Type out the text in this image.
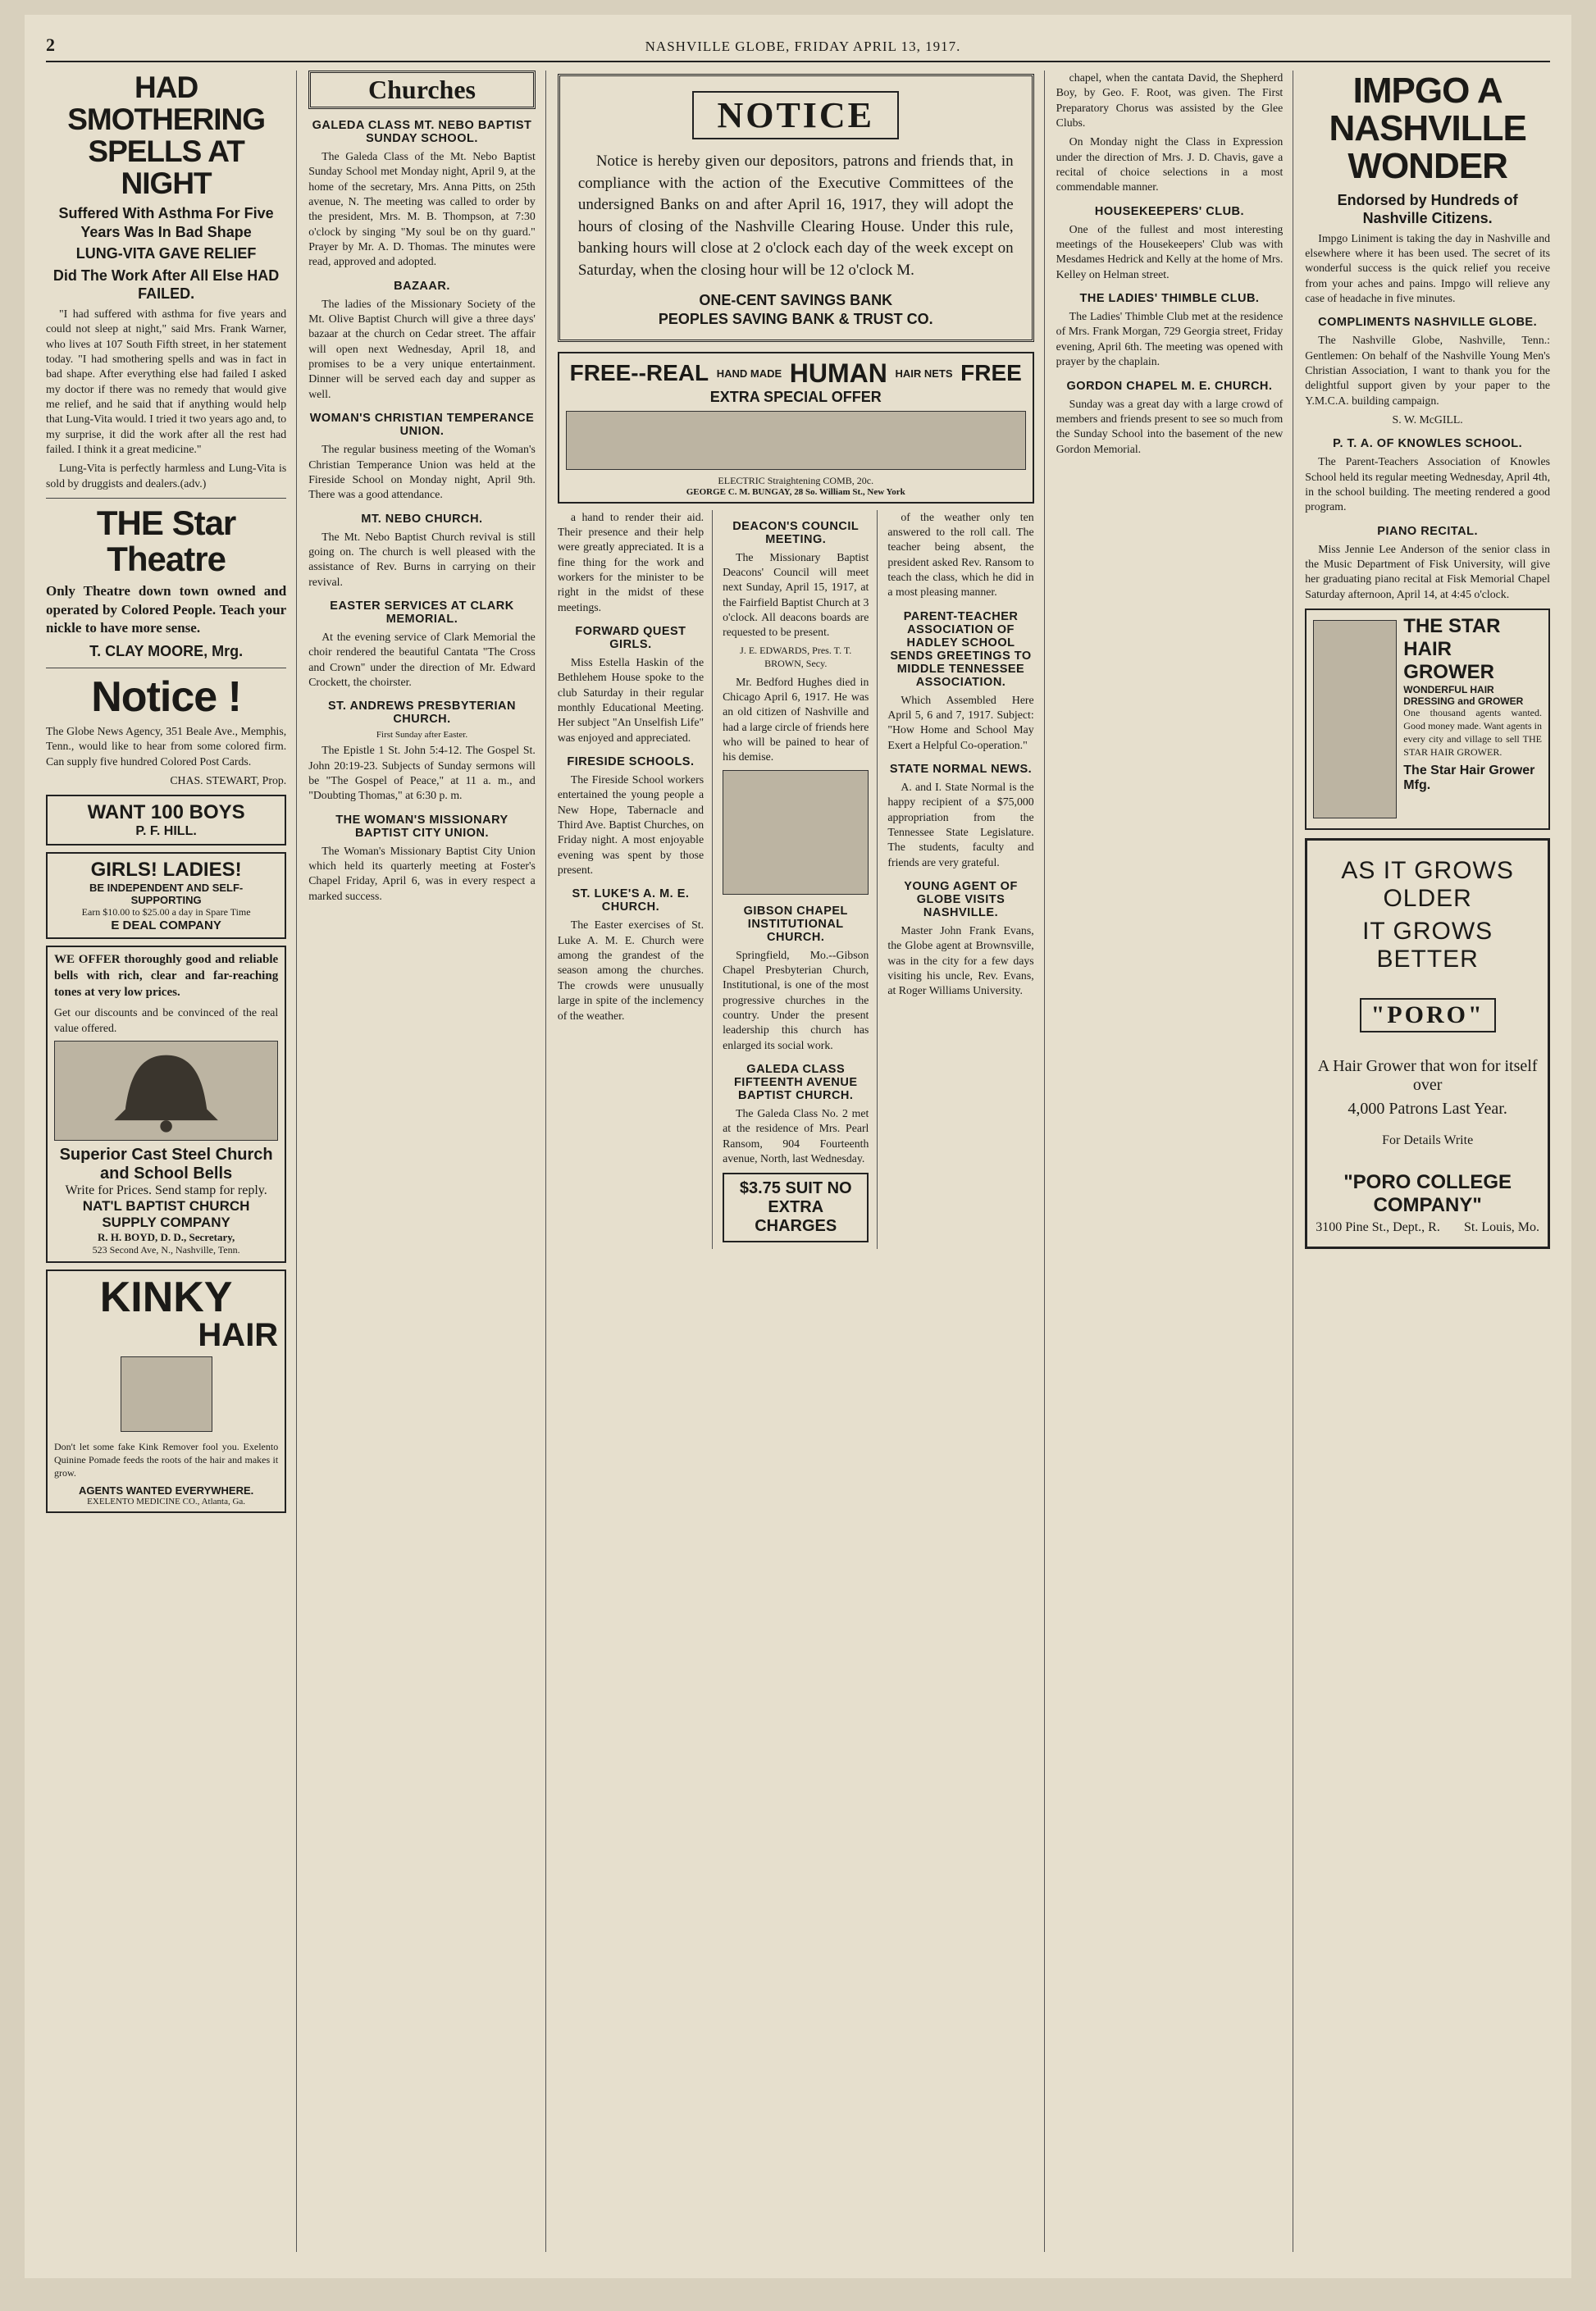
2	NASHVILLE GLOBE, FRIDAY APRIL 13, 1917.
HAD SMOTHERING SPELLS AT NIGHT
Suffered With Asthma For Five Years Was In Bad Shape
LUNG-VITA GAVE RELIEF
Did The Work After All Else HAD FAILED.

"I had suffered with asthma for five years and could not sleep at night," said Mrs. Frank Warner, who lives at 107 South Fifth street, in her statement today. "I had smothering spells and was in fact in bad shape. After everything else had failed I asked my doctor if there was no remedy that would give me relief, and he said that if anything would help that Lung-Vita would. I tried it two years ago and, to my surprise, it did the work after all the rest had failed. I think it a great medicine."

Lung-Vita is perfectly harmless and Lung-Vita is sold by druggists and dealers.(adv.)

THE Star Theatre

Only Theatre down town owned and operated by Colored People. Teach your nickle to have more sense.

T. CLAY MOORE, Mrg.
Notice !

The Globe News Agency, 351 Beale Ave., Memphis, Tenn., would like to hear from some colored firm. Can supply five hundred Colored Post Cards.

CHAS. STEWART, Prop.

WANT 100 BOYS
P. F. HILL.
GIRLS! LADIES!
BE INDEPENDENT AND SELF-SUPPORTING
Earn $10.00 to $25.00 a day in Spare Time
E DEAL COMPANY

WE OFFER thoroughly good and reliable bells with rich, clear and far-reaching tones at very low prices.

Get our discounts and be convinced of the real value offered.

Superior Cast Steel Church and School Bells
Write for Prices. Send stamp for reply.
NAT'L BAPTIST CHURCH SUPPLY COMPANY
R. H. BOYD, D. D., Secretary,
523 Second Ave, N., Nashville, Tenn.
KINKY
HAIR

Don't let some fake Kink Remover fool you. Exelento Quinine Pomade feeds the roots of the hair and makes it grow.

AGENTS WANTED EVERYWHERE.
EXELENTO MEDICINE CO., Atlanta, Ga.
Churches
GALEDA CLASS MT. NEBO BAPTIST SUNDAY SCHOOL.

The Galeda Class of the Mt. Nebo Baptist Sunday School met Monday night, April 9, at the home of the secretary, Mrs. Anna Pitts, on 25th avenue, N. The meeting was called to order by the president, Mrs. M. B. Thompson, at 7:30 o'clock by singing "My soul be on thy guard." Prayer by Mr. A. D. Thomas. The minutes were read, approved and adopted.

BAZAAR.

The ladies of the Missionary Society of the Mt. Olive Baptist Church will give a three days' bazaar at the church on Cedar street. The affair will open next Wednesday, April 18, and promises to be a very unique entertainment. Dinner will be served each day and supper as well.

WOMAN'S CHRISTIAN TEMPERANCE UNION.

The regular business meeting of the Woman's Christian Temperance Union was held at the Fireside School on Monday night, April 9th. There was a good attendance.

MT. NEBO CHURCH.

The Mt. Nebo Baptist Church revival is still going on. The church is well pleased with the assistance of Rev. Burns in carrying on their revival.

EASTER SERVICES AT CLARK MEMORIAL.

At the evening service of Clark Memorial the choir rendered the beautiful Cantata "The Cross and Crown" under the direction of Mr. Edward Crockett, the choirster.

ST. ANDREWS PRESBYTERIAN CHURCH.
First Sunday after Easter.

The Epistle 1 St. John 5:4-12. The Gospel St. John 20:19-23. Subjects of Sunday sermons will be "The Gospel of Peace," at 11 a. m., and "Doubting Thomas," at 6:30 p. m.

THE WOMAN'S MISSIONARY BAPTIST CITY UNION.

The Woman's Missionary Baptist City Union which held its quarterly meeting at Foster's Chapel Friday, April 6, was in every respect a marked success.

NOTICE

Notice is hereby given our depositors, patrons and friends that, in compliance with the action of the Executive Committees of the undersigned Banks on and after April 16, 1917, they will adopt the hours of closing of the Nashville Clearing House. Under this rule, banking hours will close at 2 o'clock each day of the week except on Saturday, when the closing hour will be 12 o'clock M.

ONE-CENT SAVINGS BANK
PEOPLES SAVING BANK & TRUST CO.
FREE--REAL HAND MADE HUMAN HAIR NETS FREE
EXTRA SPECIAL OFFER
ELECTRIC Straightening COMB, 20c.
GEORGE C. M. BUNGAY, 28 So. William St., New York

a hand to render their aid. Their presence and their help were greatly appreciated. It is a fine thing for the work and workers for the minister to be right in the midst of these meetings.

FORWARD QUEST GIRLS.

Miss Estella Haskin of the Bethlehem House spoke to the club Saturday in their regular monthly Educational Meeting. Her subject "An Unselfish Life" was enjoyed and appreciated.

FIRESIDE SCHOOLS.

The Fireside School workers entertained the young people a New Hope, Tabernacle and Third Ave. Baptist Churches, on Friday night. A most enjoyable evening was spent by those present.

ST. LUKE'S A. M. E. CHURCH.

The Easter exercises of St. Luke A. M. E. Church were among the grandest of the season among the churches. The crowds were unusually large in spite of the inclemency of the weather.

DEACON'S COUNCIL MEETING.

The Missionary Baptist Deacons' Council will meet next Sunday, April 15, 1917, at the Fairfield Baptist Church at 3 o'clock. All deacons boards are requested to be present.

J. E. EDWARDS, Pres. T. T. BROWN, Secy.

Mr. Bedford Hughes died in Chicago April 6, 1917. He was an old citizen of Nashville and had a large circle of friends here who will be pained to hear of his demise.

GIBSON CHAPEL INSTITUTIONAL CHURCH.

Springfield, Mo.--Gibson Chapel Presbyterian Church, Institutional, is one of the most progressive churches in the country. Under the present leadership this church has enlarged its social work.

GALEDA CLASS FIFTEENTH AVENUE BAPTIST CHURCH.

The Galeda Class No. 2 met at the residence of Mrs. Pearl Ransom, 904 Fourteenth avenue, North, last Wednesday.

$3.75 SUIT NO EXTRA CHARGES

of the weather only ten answered to the roll call. The teacher being absent, the president asked Rev. Ransom to teach the class, which he did in a most pleasing manner.

PARENT-TEACHER ASSOCIATION OF HADLEY SCHOOL SENDS GREETINGS TO MIDDLE TENNESSEE ASSOCIATION.

Which Assembled Here April 5, 6 and 7, 1917. Subject: "How Home and School May Exert a Helpful Co-operation."

STATE NORMAL NEWS.

A. and I. State Normal is the happy recipient of a $75,000 appropriation from the Tennessee State Legislature. The students, faculty and friends are very grateful.

YOUNG AGENT OF GLOBE VISITS NASHVILLE.

Master John Frank Evans, the Globe agent at Brownsville, was in the city for a few days visiting his uncle, Rev. Evans, at Roger Williams University.

chapel, when the cantata David, the Shepherd Boy, by Geo. F. Root, was given. The First Preparatory Chorus was assisted by the Glee Clubs.

On Monday night the Class in Expression under the direction of Mrs. J. D. Chavis, gave a recital of choice selections in a most commendable manner.

HOUSEKEEPERS' CLUB.

One of the fullest and most interesting meetings of the Housekeepers' Club was with Mesdames Hedrick and Kelly at the home of Mrs. Kelley on Helman street.

THE LADIES' THIMBLE CLUB.

The Ladies' Thimble Club met at the residence of Mrs. Frank Morgan, 729 Georgia street, Friday evening, April 6th. The meeting was opened with prayer by the chaplain.

GORDON CHAPEL M. E. CHURCH.

Sunday was a great day with a large crowd of members and friends present to see so much from the Sunday School into the basement of the new Gordon Memorial.

IMPGO A NASHVILLE WONDER
Endorsed by Hundreds of Nashville Citizens.

Impgo Liniment is taking the day in Nashville and elsewhere where it has been used. The secret of its wonderful success is the quick relief you receive from your aches and pains. Impgo will relieve any case of headache in five minutes.

COMPLIMENTS NASHVILLE GLOBE.

The Nashville Globe, Nashville, Tenn.: Gentlemen: On behalf of the Nashville Young Men's Christian Association, I want to thank you for the delightful support given by your paper to the Y.M.C.A. building campaign.

S. W. McGILL.

P. T. A. OF KNOWLES SCHOOL.

The Parent-Teachers Association of Knowles School held its regular meeting Wednesday, April 4th, in the school building. The meeting rendered a good program.

PIANO RECITAL.

Miss Jennie Lee Anderson of the senior class in the Music Department of Fisk University, will give her graduating piano recital at Fisk Memorial Chapel Saturday afternoon, April 14, at 4:45 o'clock.

THE STAR HAIR GROWER
WONDERFUL HAIR DRESSING and GROWER

One thousand agents wanted. Good money made. Want agents in every city and village to sell THE STAR HAIR GROWER.

The Star Hair Grower Mfg.
AS IT GROWS OLDER
IT GROWS BETTER
"PORO"
A Hair Grower that won for itself over
4,000 Patrons Last Year.
For Details Write
"PORO COLLEGE COMPANY"
3100 Pine St., Dept., R. St. Louis, Mo.
